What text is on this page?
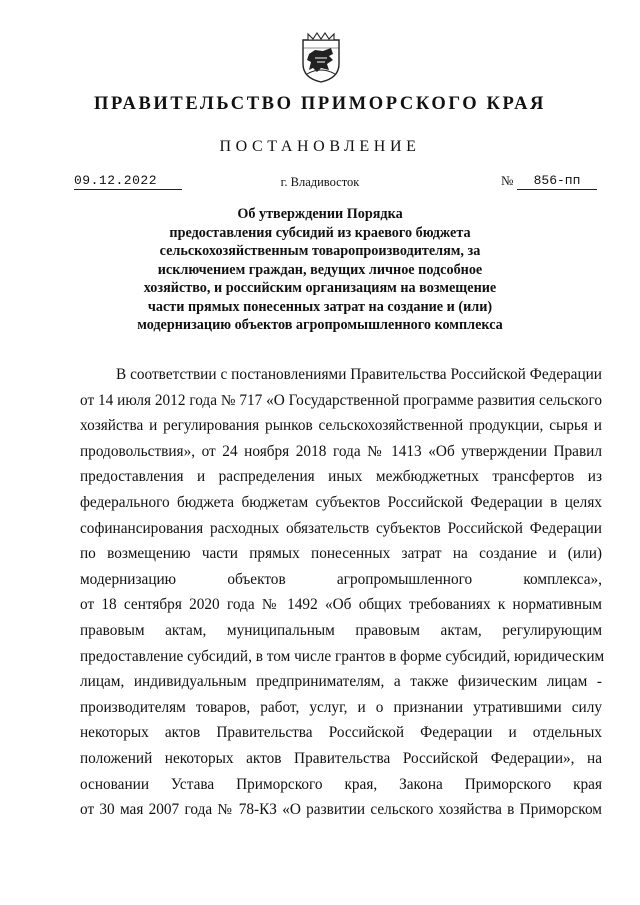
ПРАВИТЕЛЬСТВО ПРИМОРСКОГО КРАЯ
ПОСТАНОВЛЕНИЕ
09.12.2022	г. Владивосток	№	856-пп
Об утверждении Порядка
предоставления субсидий из краевого бюджета
сельскохозяйственным товаропроизводителям, за
исключением граждан, ведущих личное подсобное
хозяйство, и российским организациям на возмещение
части прямых понесенных затрат на создание и (или)
модернизацию объектов агропромышленного комплекса
В соответствии с постановлениями Правительства Российской Федерации
от 14 июля 2012 года № 717 «О Государственной программе развития сельского
хозяйства и регулирования рынков сельскохозяйственной продукции, сырья и
продовольствия», от 24 ноября 2018 года № 1413 «Об утверждении Правил
предоставления и распределения иных межбюджетных трансфертов из
федерального бюджета бюджетам субъектов Российской Федерации в целях
софинансирования расходных обязательств субъектов Российской Федерации
по возмещению части прямых понесенных затрат на создание и (или)
модернизацию объектов агропромышленного комплекса»,
от 18 сентября 2020 года № 1492 «Об общих требованиях к нормативным
правовым актам, муниципальным правовым актам, регулирующим
предоставление субсидий, в том числе грантов в форме субсидий, юридическим
лицам, индивидуальным предпринимателям, а также физическим лицам -
производителям товаров, работ, услуг, и о признании утратившими силу
некоторых актов Правительства Российской Федерации и отдельных
положений некоторых актов Правительства Российской Федерации», на
основании Устава Приморского края, Закона Приморского края
от 30 мая 2007 года № 78-КЗ «О развитии сельского хозяйства в Приморском
